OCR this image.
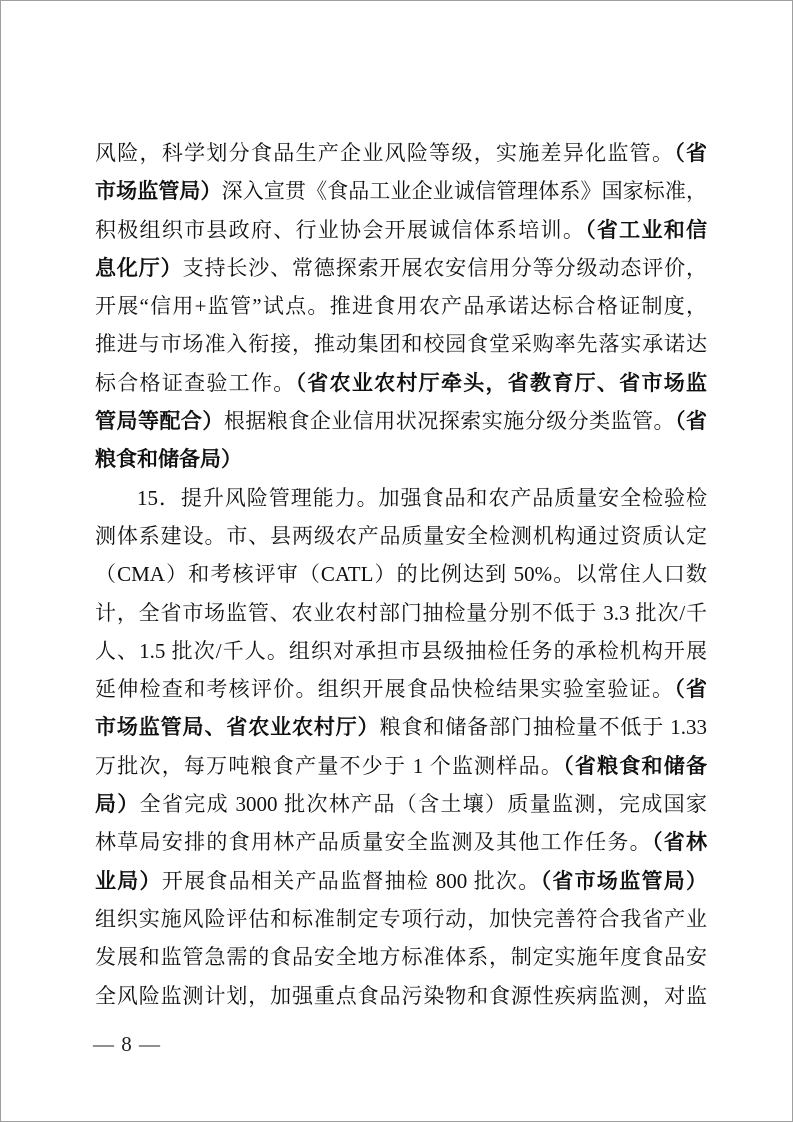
风险，科学划分食品生产企业风险等级，实施差异化监管。（省
市场监管局）深入宣贯《食品工业企业诚信管理体系》国家标准，
积极组织市县政府、行业协会开展诚信体系培训。（省工业和信
息化厅）支持长沙、常德探索开展农安信用分等分级动态评价，
开展“信用+监管”试点。推进食用农产品承诺达标合格证制度，
推进与市场准入衔接，推动集团和校园食堂采购率先落实承诺达
标合格证查验工作。（省农业农村厅牵头，省教育厅、省市场监
管局等配合）根据粮食企业信用状况探索实施分级分类监管。（省
粮食和储备局）
15．提升风险管理能力。加强食品和农产品质量安全检验检
测体系建设。市、县两级农产品质量安全检测机构通过资质认定
（CMA）和考核评审（CATL）的比例达到 50%。以常住人口数
计，全省市场监管、农业农村部门抽检量分别不低于 3.3 批次/千
人、1.5 批次/千人。组织对承担市县级抽检任务的承检机构开展
延伸检查和考核评价。组织开展食品快检结果实验室验证。（省
市场监管局、省农业农村厅）粮食和储备部门抽检量不低于 1.33
万批次，每万吨粮食产量不少于 1 个监测样品。（省粮食和储备
局）全省完成 3000 批次林产品（含土壤）质量监测，完成国家
林草局安排的食用林产品质量安全监测及其他工作任务。（省林
业局）开展食品相关产品监督抽检 800 批次。（省市场监管局）
组织实施风险评估和标准制定专项行动，加快完善符合我省产业
发展和监管急需的食品安全地方标准体系，制定实施年度食品安
全风险监测计划，加强重点食品污染物和食源性疾病监测，对监
— 8 —
